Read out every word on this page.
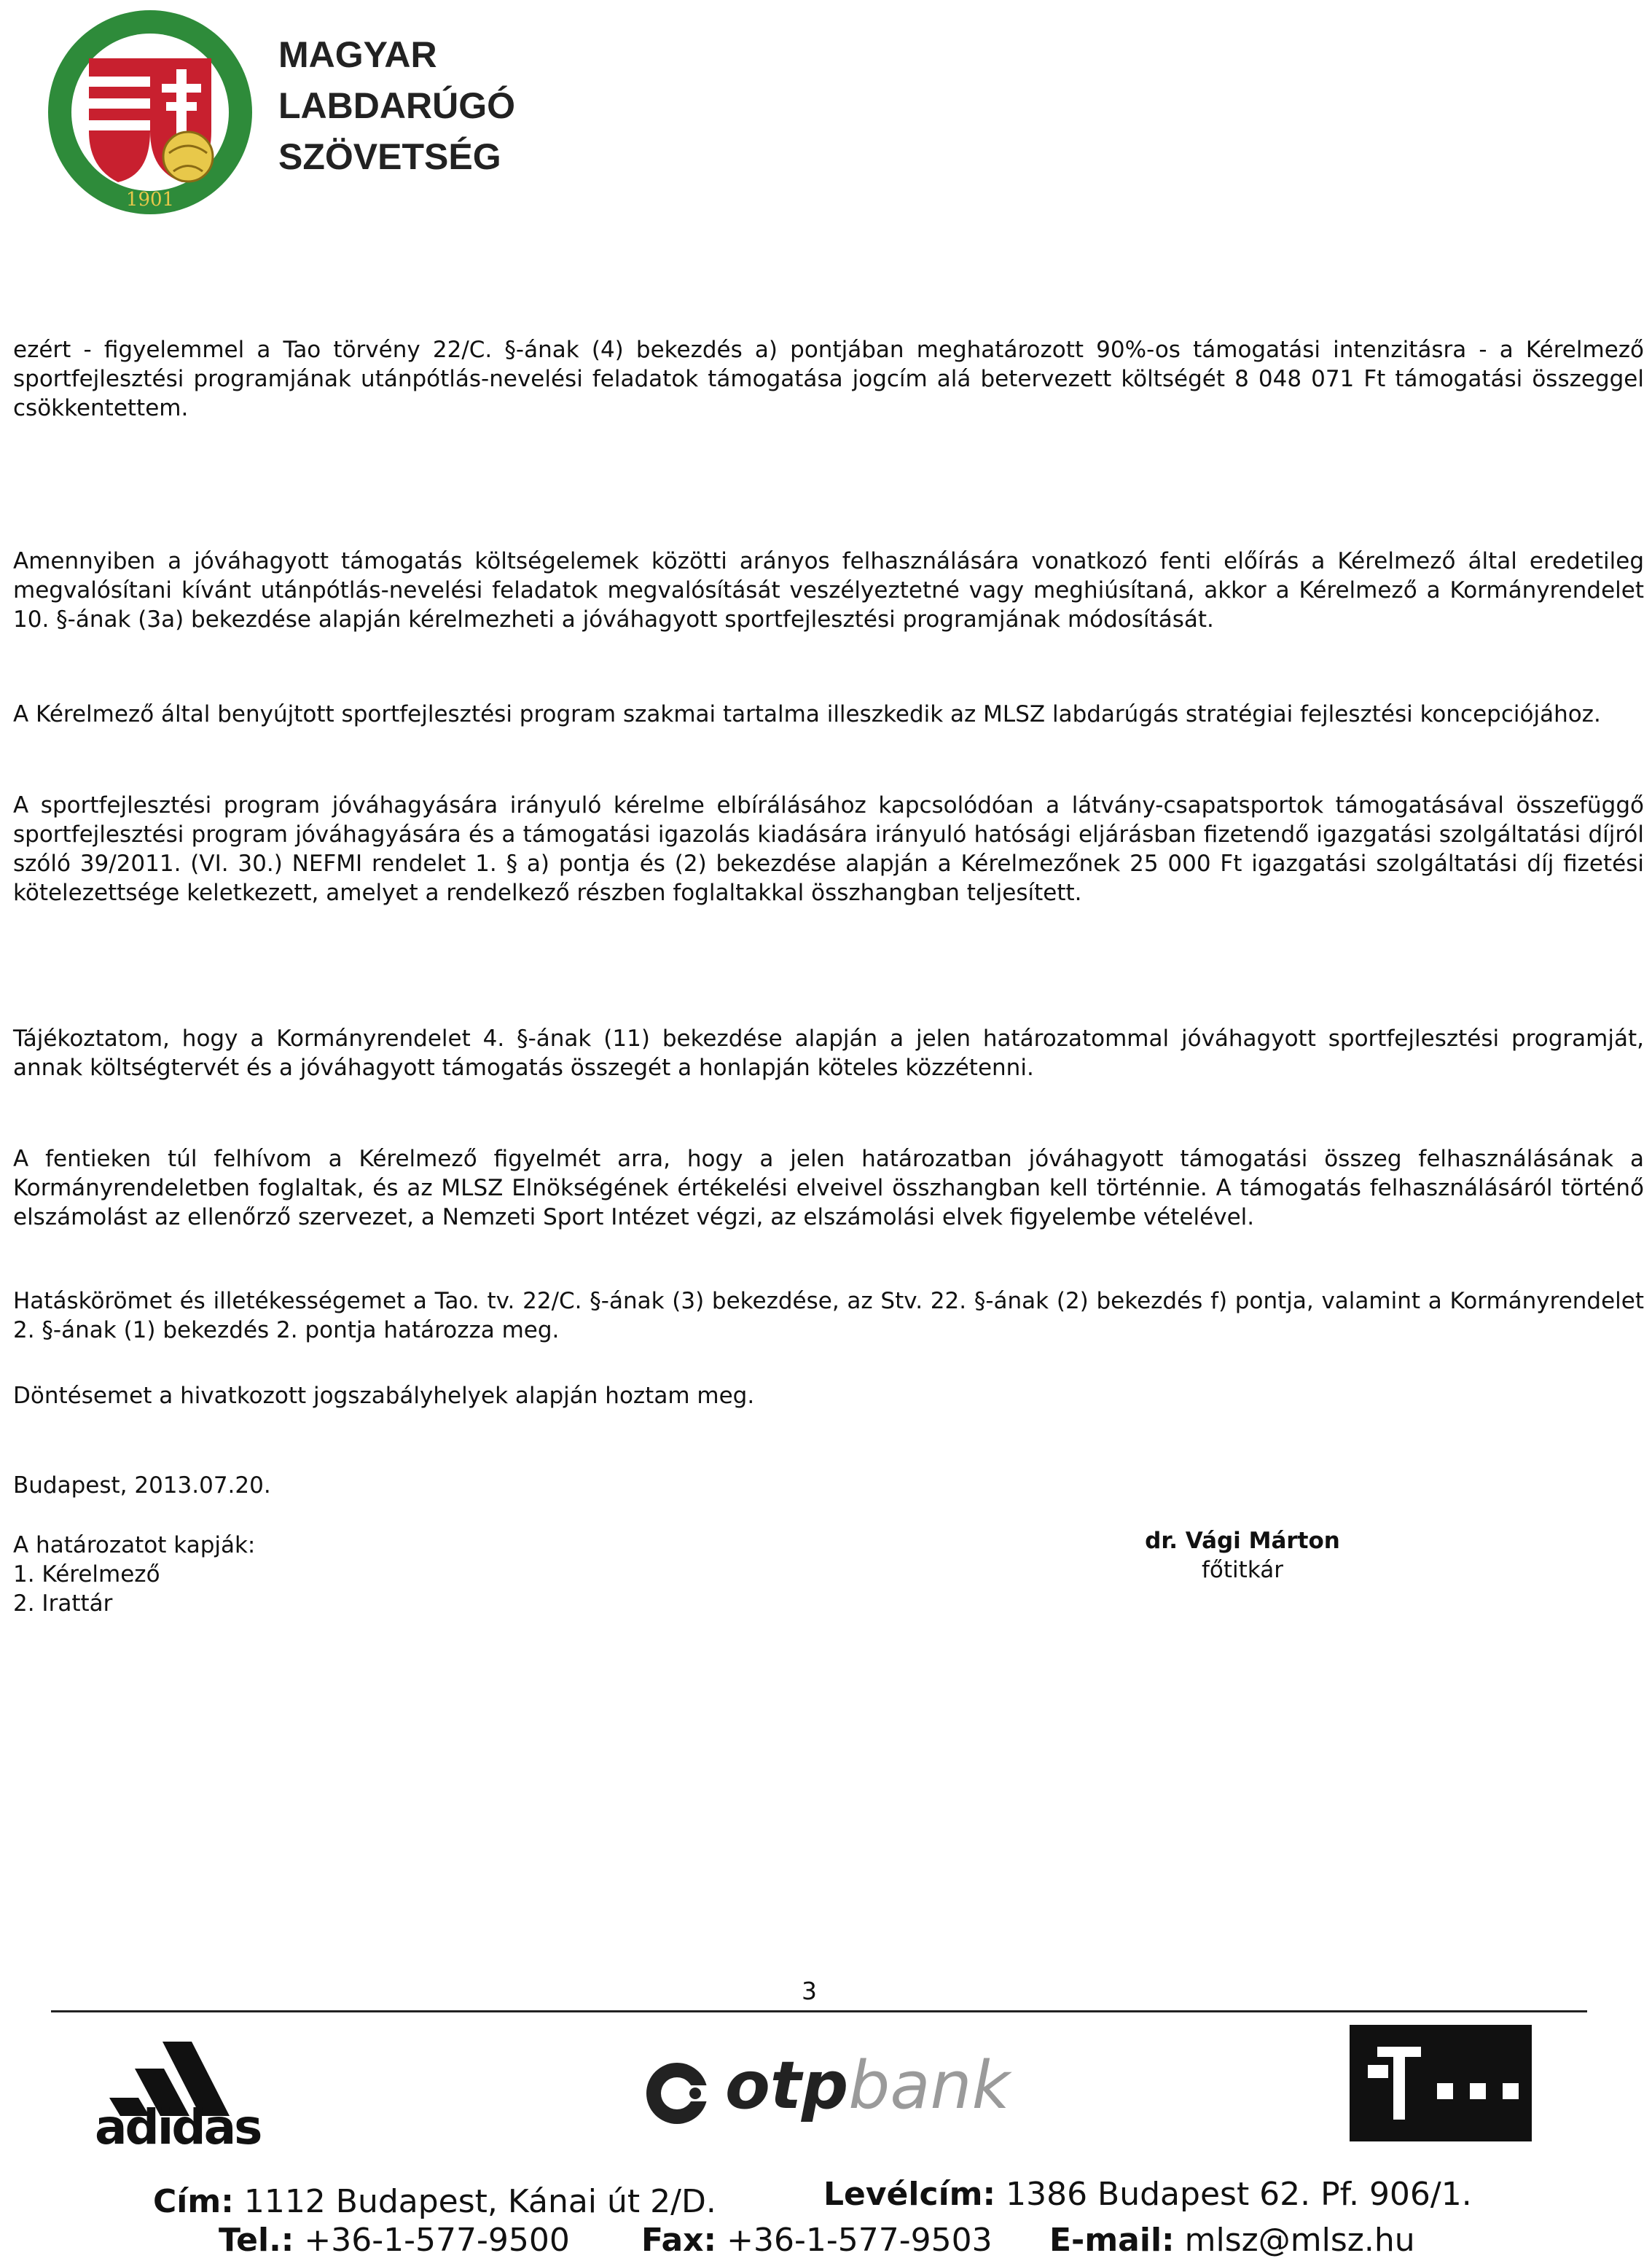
1901
MAGYAR
LABDARÚGÓ
SZÖVETSÉG

ezért - figyelemmel a Tao törvény 22/C. §-ának (4) bekezdés a) pontjában meghatározott 90%-os támogatási intenzitásra - a Kérelmező sportfejlesztési programjának utánpótlás-nevelési feladatok támogatása jogcím alá betervezett költségét 8 048 071 Ft támogatási összeggel csökkentettem.

Amennyiben a jóváhagyott támogatás költségelemek közötti arányos felhasználására vonatkozó fenti előírás a Kérelmező által eredetileg megvalósítani kívánt utánpótlás-nevelési feladatok megvalósítását veszélyeztetné vagy meghiúsítaná, akkor a Kérelmező a Kormányrendelet 10. §-ának (3a) bekezdése alapján kérelmezheti a jóváhagyott sportfejlesztési programjának módosítását.

A Kérelmező által benyújtott sportfejlesztési program szakmai tartalma illeszkedik az MLSZ labdarúgás stratégiai fejlesztési koncepciójához.

A sportfejlesztési program jóváhagyására irányuló kérelme elbírálásához kapcsolódóan a látvány-csapatsportok támogatásával összefüggő sportfejlesztési program jóváhagyására és a támogatási igazolás kiadására irányuló hatósági eljárásban fizetendő igazgatási szolgáltatási díjról szóló 39/2011. (VI. 30.) NEFMI rendelet 1. § a) pontja és (2) bekezdése alapján a Kérelmezőnek 25 000 Ft igazgatási szolgáltatási díj fizetési kötelezettsége keletkezett, amelyet a rendelkező részben foglaltakkal összhangban teljesített.

Tájékoztatom, hogy a Kormányrendelet 4. §-ának (11) bekezdése alapján a jelen határozatommal jóváhagyott sportfejlesztési programját, annak költségtervét és a jóváhagyott támogatás összegét a honlapján köteles közzétenni.

A fentieken túl felhívom a Kérelmező figyelmét arra, hogy a jelen határozatban jóváhagyott támogatási összeg felhasználásának a Kormányrendeletben foglaltak, és az MLSZ Elnökségének értékelési elveivel összhangban kell történnie. A támogatás felhasználásáról történő elszámolást az ellenőrző szervezet, a Nemzeti Sport Intézet végzi, az elszámolási elvek figyelembe vételével.

Hatáskörömet és illetékességemet a Tao. tv. 22/C. §-ának (3) bekezdése, az Stv. 22. §-ának (2) bekezdés f) pontja, valamint a Kormányrendelet 2. §-ának (1) bekezdés 2. pontja határozza meg.

Döntésemet a hivatkozott jogszabályhelyek alapján hoztam meg.

Budapest, 2013.07.20.

A határozatot kapják:
1. Kérelmező
2. Irattár
dr. Vági Márton
főtitkár
3
adidas
otpbank
Cím: 1112 Budapest, Kánai út 2/D.	Levélcím: 1386 Budapest 62. Pf. 906/1.
Tel.: +36-1-577-9500 Fax: +36-1-577-9503 E-mail: mlsz@mlsz.hu
